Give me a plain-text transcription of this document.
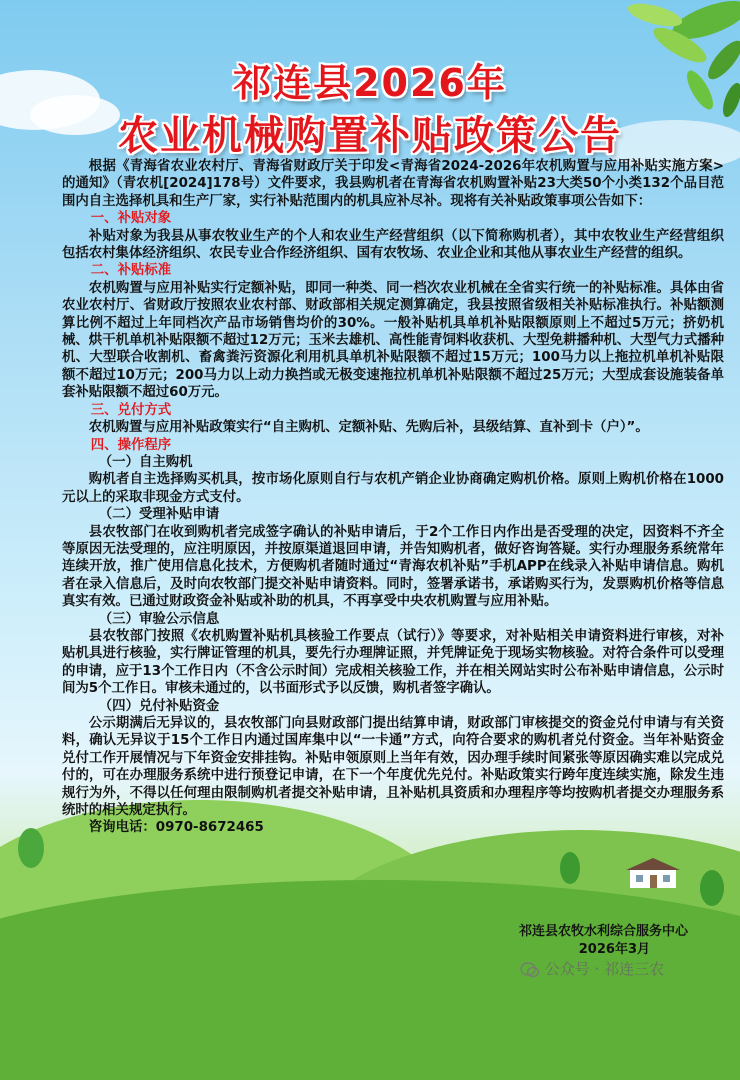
祁连县2026年
农业机械购置补贴政策公告

根据《青海省农业农村厅、青海省财政厅关于印发<青海省2024-2026年农机购置与应用补贴实施方案>的通知》（青农机[2024]178号）文件要求，我县购机者在青海省农机购置补贴23大类50个小类132个品目范围内自主选择机具和生产厂家，实行补贴范围内的机具应补尽补。现将有关补贴政策事项公告如下：

一、补贴对象

补贴对象为我县从事农牧业生产的个人和农业生产经营组织（以下简称购机者），其中农牧业生产经营组织包括农村集体经济组织、农民专业合作经济组织、国有农牧场、农业企业和其他从事农业生产经营的组织。

二、补贴标准

农机购置与应用补贴实行定额补贴，即同一种类、同一档次农业机械在全省实行统一的补贴标准。具体由省农业农村厅、省财政厅按照农业农村部、财政部相关规定测算确定，我县按照省级相关补贴标准执行。补贴额测算比例不超过上年同档次产品市场销售均价的30%。一般补贴机具单机补贴限额原则上不超过5万元；挤奶机械、烘干机单机补贴限额不超过12万元；玉米去雄机、高性能青饲料收获机、大型免耕播种机、大型气力式播种机、大型联合收割机、畜禽粪污资源化利用机具单机补贴限额不超过15万元；100马力以上拖拉机单机补贴限额不超过10万元；200马力以上动力换挡或无极变速拖拉机单机补贴限额不超过25万元；大型成套设施装备单套补贴限额不超过60万元。

三、兑付方式

农机购置与应用补贴政策实行“自主购机、定额补贴、先购后补，县级结算、直补到卡（户）”。

四、操作程序

（一）自主购机

购机者自主选择购买机具，按市场化原则自行与农机产销企业协商确定购机价格。原则上购机价格在1000元以上的采取非现金方式支付。

（二）受理补贴申请

县农牧部门在收到购机者完成签字确认的补贴申请后，于2个工作日内作出是否受理的决定，因资料不齐全等原因无法受理的，应注明原因，并按原渠道退回申请，并告知购机者，做好咨询答疑。实行办理服务系统常年连续开放，推广使用信息化技术，方便购机者随时通过“青海农机补贴”手机APP在线录入补贴申请信息。购机者在录入信息后，及时向农牧部门提交补贴申请资料。同时，签署承诺书，承诺购买行为，发票购机价格等信息真实有效。已通过财政资金补贴或补助的机具，不再享受中央农机购置与应用补贴。

（三）审验公示信息

县农牧部门按照《农机购置补贴机具核验工作要点（试行）》等要求，对补贴相关申请资料进行审核，对补贴机具进行核验，实行牌证管理的机具，要先行办理牌证照，并凭牌证免于现场实物核验。对符合条件可以受理的申请，应于13个工作日内（不含公示时间）完成相关核验工作，并在相关网站实时公布补贴申请信息，公示时间为5个工作日。审核未通过的，以书面形式予以反馈，购机者签字确认。

（四）兑付补贴资金

公示期满后无异议的，县农牧部门向县财政部门提出结算申请，财政部门审核提交的资金兑付申请与有关资料，确认无异议于15个工作日内通过国库集中以“一卡通”方式，向符合要求的购机者兑付资金。当年补贴资金兑付工作开展情况与下年资金安排挂钩。补贴申领原则上当年有效，因办理手续时间紧张等原因确实难以完成兑付的，可在办理服务系统中进行预登记申请，在下一个年度优先兑付。补贴政策实行跨年度连续实施，除发生违规行为外，不得以任何理由限制购机者提交补贴申请，且补贴机具资质和办理程序等均按购机者提交办理服务系统时的相关规定执行。

咨询电话：0970-8672465

祁连县农牧水利综合服务中心
2026年3月
公众号 · 祁连三农
